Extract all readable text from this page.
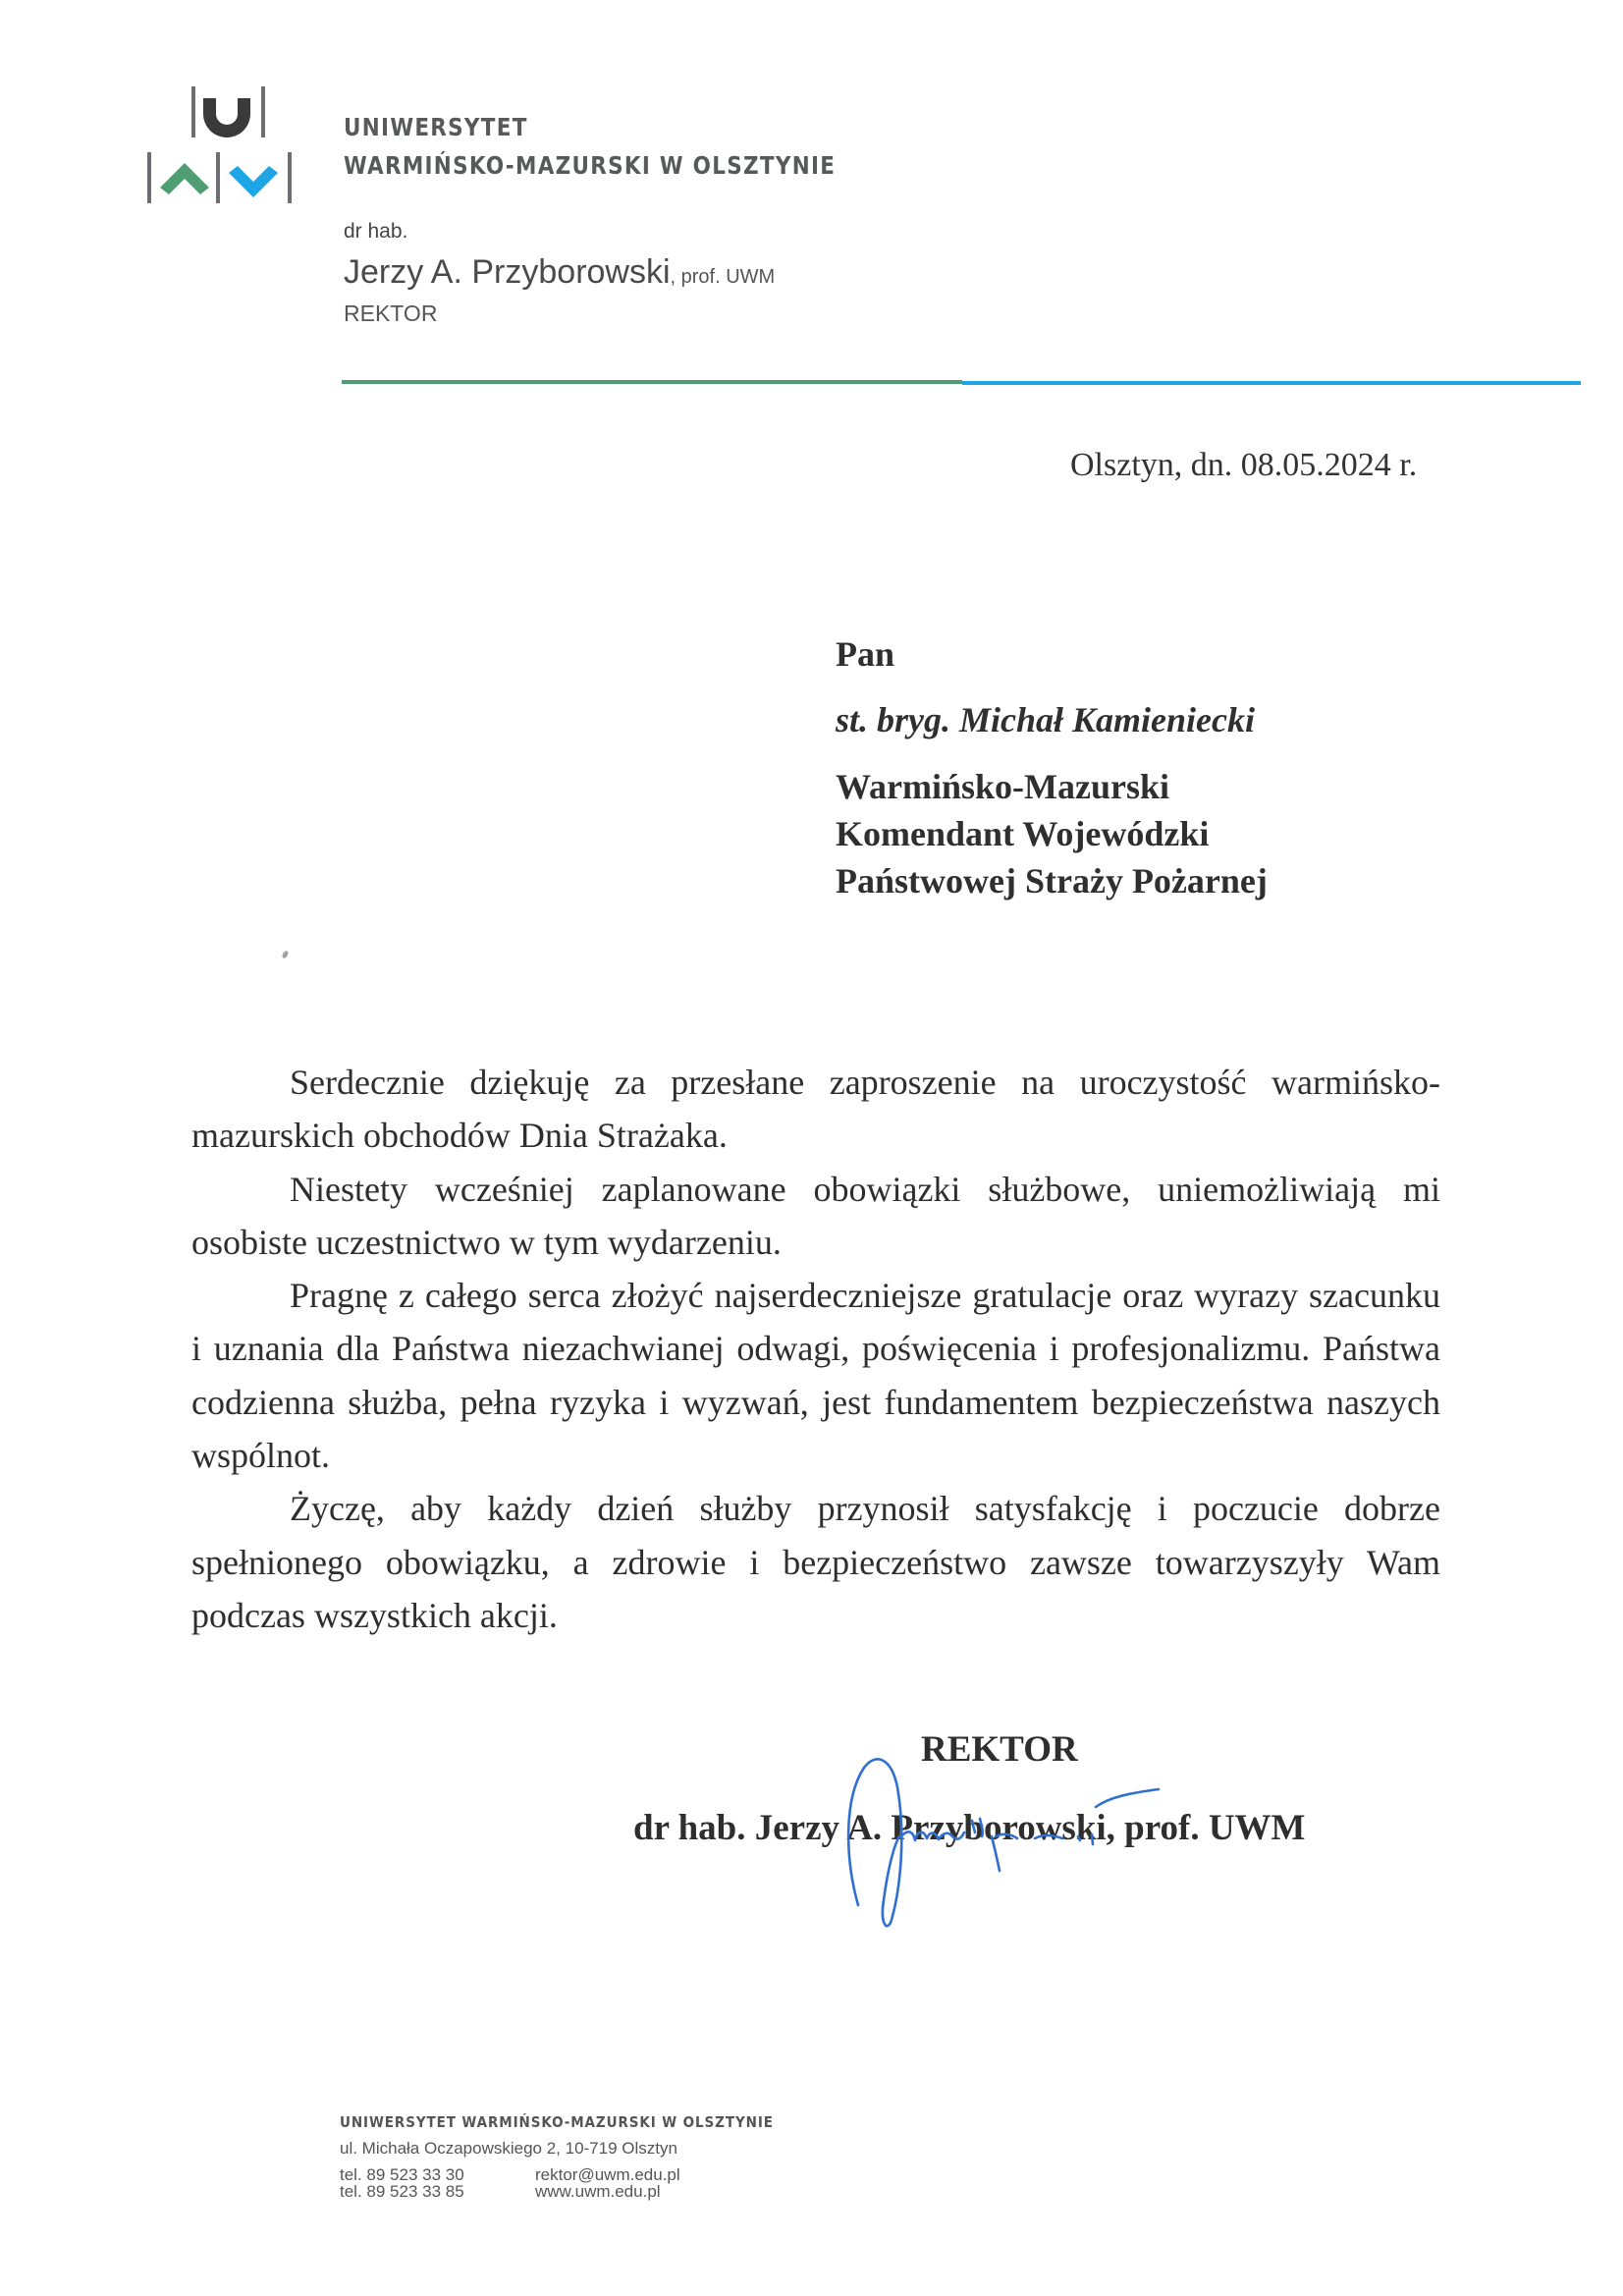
UNIWERSYTET
WARMIŃSKO-MAZURSKI W OLSZTYNIE
dr hab.
Jerzy A. Przyborowski, prof. UWM
REKTOR
Olsztyn, dn. 08.05.2024 r.
Pan
st. bryg. Michał Kamieniecki
Warmińsko-Mazurski
Komendant Wojewódzki
Państwowej Straży Pożarnej

Serdecznie dziękuję za przesłane zaproszenie na uroczystość warmińsko-mazurskich obchodów Dnia Strażaka.

Niestety wcześniej zaplanowane obowiązki służbowe, uniemożliwiają mi osobiste uczestnictwo w tym wydarzeniu.

Pragnę z całego serca złożyć najserdeczniejsze gratulacje oraz wyrazy szacunku i uznania dla Państwa niezachwianej odwagi, poświęcenia i profesjonalizmu. Państwa codzienna służba, pełna ryzyka i wyzwań, jest fundamentem bezpieczeństwa naszych wspólnot.

Życzę, aby każdy dzień służby przynosił satysfakcję i poczucie dobrze spełnionego obowiązku, a zdrowie i bezpieczeństwo zawsze towarzyszyły Wam podczas wszystkich akcji.

REKTOR
dr hab. Jerzy A. Przyborowski, prof. UWM
UNIWERSYTET WARMIŃSKO-MAZURSKI W OLSZTYNIE
ul. Michała Oczapowskiego 2, 10-719 Olsztyn
tel. 89 523 33 30
tel. 89 523 33 85
rektor@uwm.edu.pl
www.uwm.edu.pl
